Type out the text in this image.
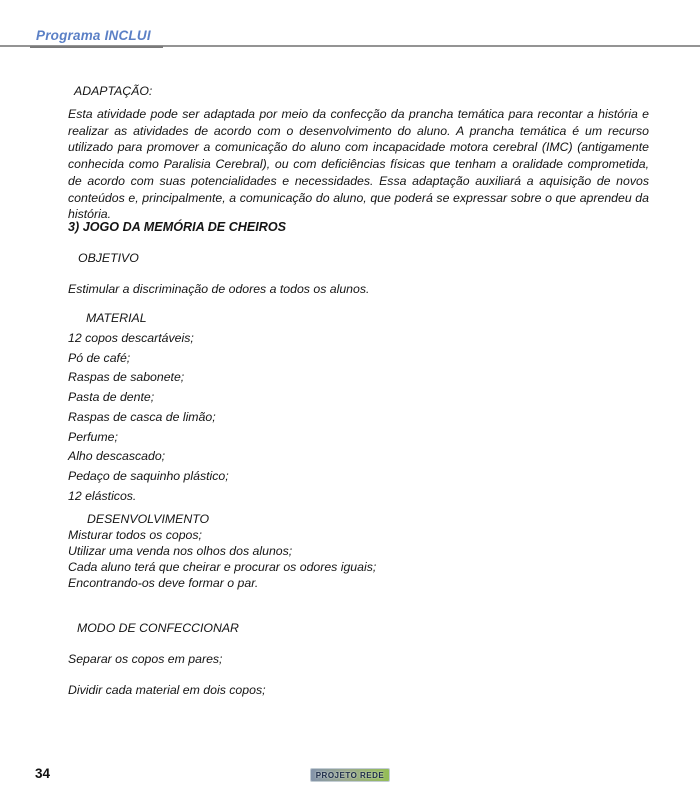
Programa INCLUI
ADAPTAÇÃO:
Esta atividade pode ser adaptada por meio da confecção da prancha temática para recontar a história e realizar as atividades de acordo com o desenvolvimento do aluno. A prancha temática é um recurso utilizado para promover a comunicação do aluno com incapacidade motora cerebral (IMC) (antigamente conhecida como Paralisia Cerebral), ou com deficiências físicas que tenham a oralidade comprometida, de acordo com suas potencialidades e necessidades. Essa adaptação auxiliará a aquisição de novos conteúdos e, principalmente, a comunicação do aluno, que poderá se expressar sobre o que aprendeu da história.
3) JOGO DA MEMÓRIA DE CHEIROS
OBJETIVO
Estimular a discriminação de odores a todos os alunos.
MATERIAL
12 copos descartáveis;
Pó de café;
Raspas de sabonete;
Pasta de dente;
Raspas de casca de limão;
Perfume;
Alho descascado;
Pedaço de saquinho plástico;
12 elásticos.
DESENVOLVIMENTO
Misturar todos os copos;
Utilizar uma venda nos olhos dos alunos;
Cada aluno terá que cheirar e procurar os odores iguais;
Encontrando-os deve formar o par.
MODO DE CONFECCIONAR
Separar os copos em pares;
Dividir cada material em dois copos;
34	PROJETO REDE
